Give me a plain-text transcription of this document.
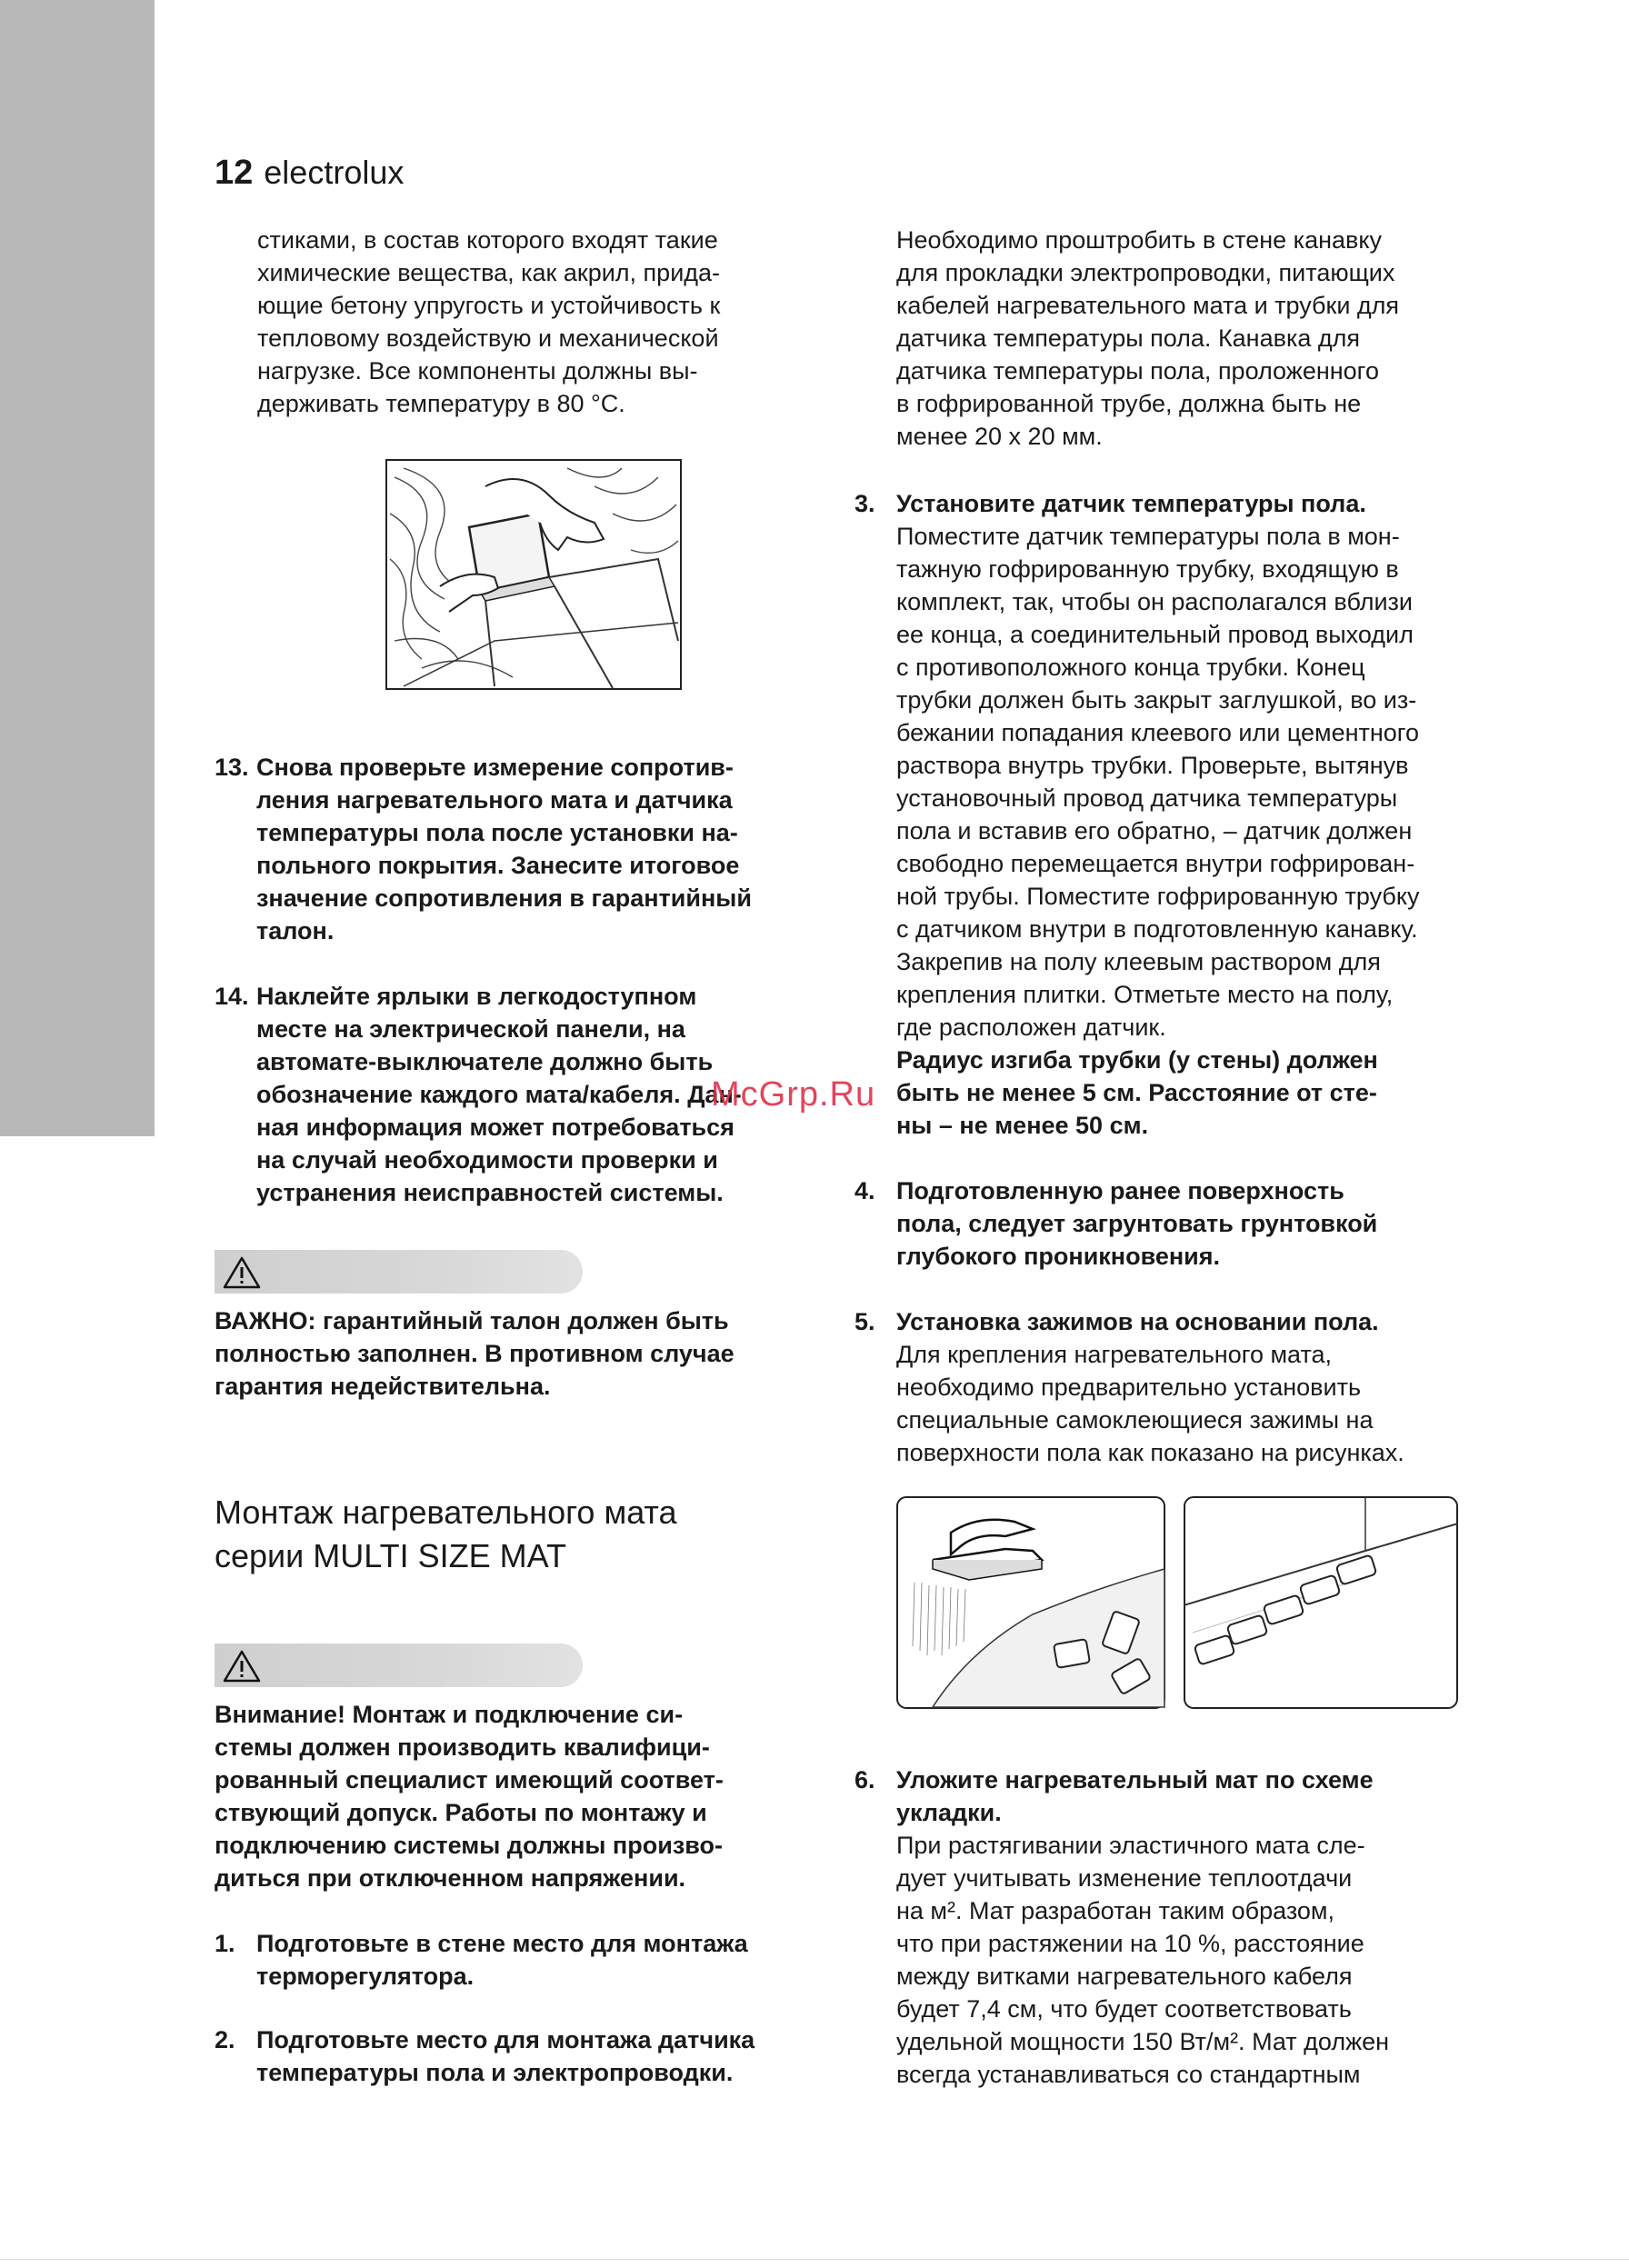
12 electrolux

стиками, в состав которого входят такие

химические вещества, как акрил, прида-

ющие бетону упругость и устойчивость к

тепловому воздействую и механической

нагрузке. Все компоненты должны вы-

держивать температуру в 80 °C.

13. Снова проверьте измерение сопротив-
ления нагревательного мата и датчика
температуры пола после установки на-
польного покрытия. Занесите итоговое
значение сопротивления в гарантийный
талон.
14. Наклейте ярлыки в легкодоступном
месте на электрической панели, на
автомате-выключателе должно быть
обозначение каждого мата/кабеля. Дан-
ная информация может потребоваться
на случай необходимости проверки и
устранения неисправностей системы.
ВАЖНО: гарантийный талон должен быть
полностью заполнен. В противном случае
гарантия недействительна.
Монтаж нагревательного мата
серии MULTI SIZE MAT
Внимание! Монтаж и подключение си-
стемы должен производить квалифици-
рованный специалист имеющий соответ-
ствующий допуск. Работы по монтажу и
подключению системы должны произво-
диться при отключенном напряжении.
1. Подготовьте в стене место для монтажа
терморегулятора.
2. Подготовьте место для монтажа датчика
температуры пола и электропроводки.

Необходимо проштробить в стене канавку

для прокладки электропроводки, питающих

кабелей нагревательного мата и трубки для

датчика температуры пола. Канавка для

датчика температуры пола, проложенного

в гофрированной трубе, должна быть не

менее 20 x 20 мм.

3. Установите датчик температуры пола.
Поместите датчик температуры пола в мон-
тажную гофрированную трубку, входящую в
комплект, так, чтобы он располагался вблизи
ее конца, а соединительный провод выходил
с противоположного конца трубки. Конец
трубки должен быть закрыт заглушкой, во из-
бежании попадания клеевого или цементного
раствора внутрь трубки. Проверьте, вытянув
установочный провод датчика температуры
пола и вставив его обратно, – датчик должен
свободно перемещается внутри гофрирован-
ной трубы. Поместите гофрированную трубку
с датчиком внутри в подготовленную канавку.
Закрепив на полу клеевым раствором для
крепления плитки. Отметьте место на полу,
где расположен датчик.
Радиус изгиба трубки (у стены) должен
быть не менее 5 см. Расстояние от сте-
ны – не менее 50 см.
4. Подготовленную ранее поверхность
пола, следует загрунтовать грунтовкой
глубокого проникновения.
5. Установка зажимов на основании пола.
Для крепления нагревательного мата,
необходимо предварительно установить
специальные самоклеющиеся зажимы на
поверхности пола как показано на рисунках.
6. Уложите нагревательный мат по схеме
укладки.
При растягивании эластичного мата сле-
дует учитывать изменение теплоотдачи
на м². Мат разработан таким образом,
что при растяжении на 10 %, расстояние
между витками нагревательного кабеля
будет 7,4 см, что будет соответствовать
удельной мощности 150 Вт/м². Мат должен
всегда устанавливаться со стандартным
McGrp.Ru
